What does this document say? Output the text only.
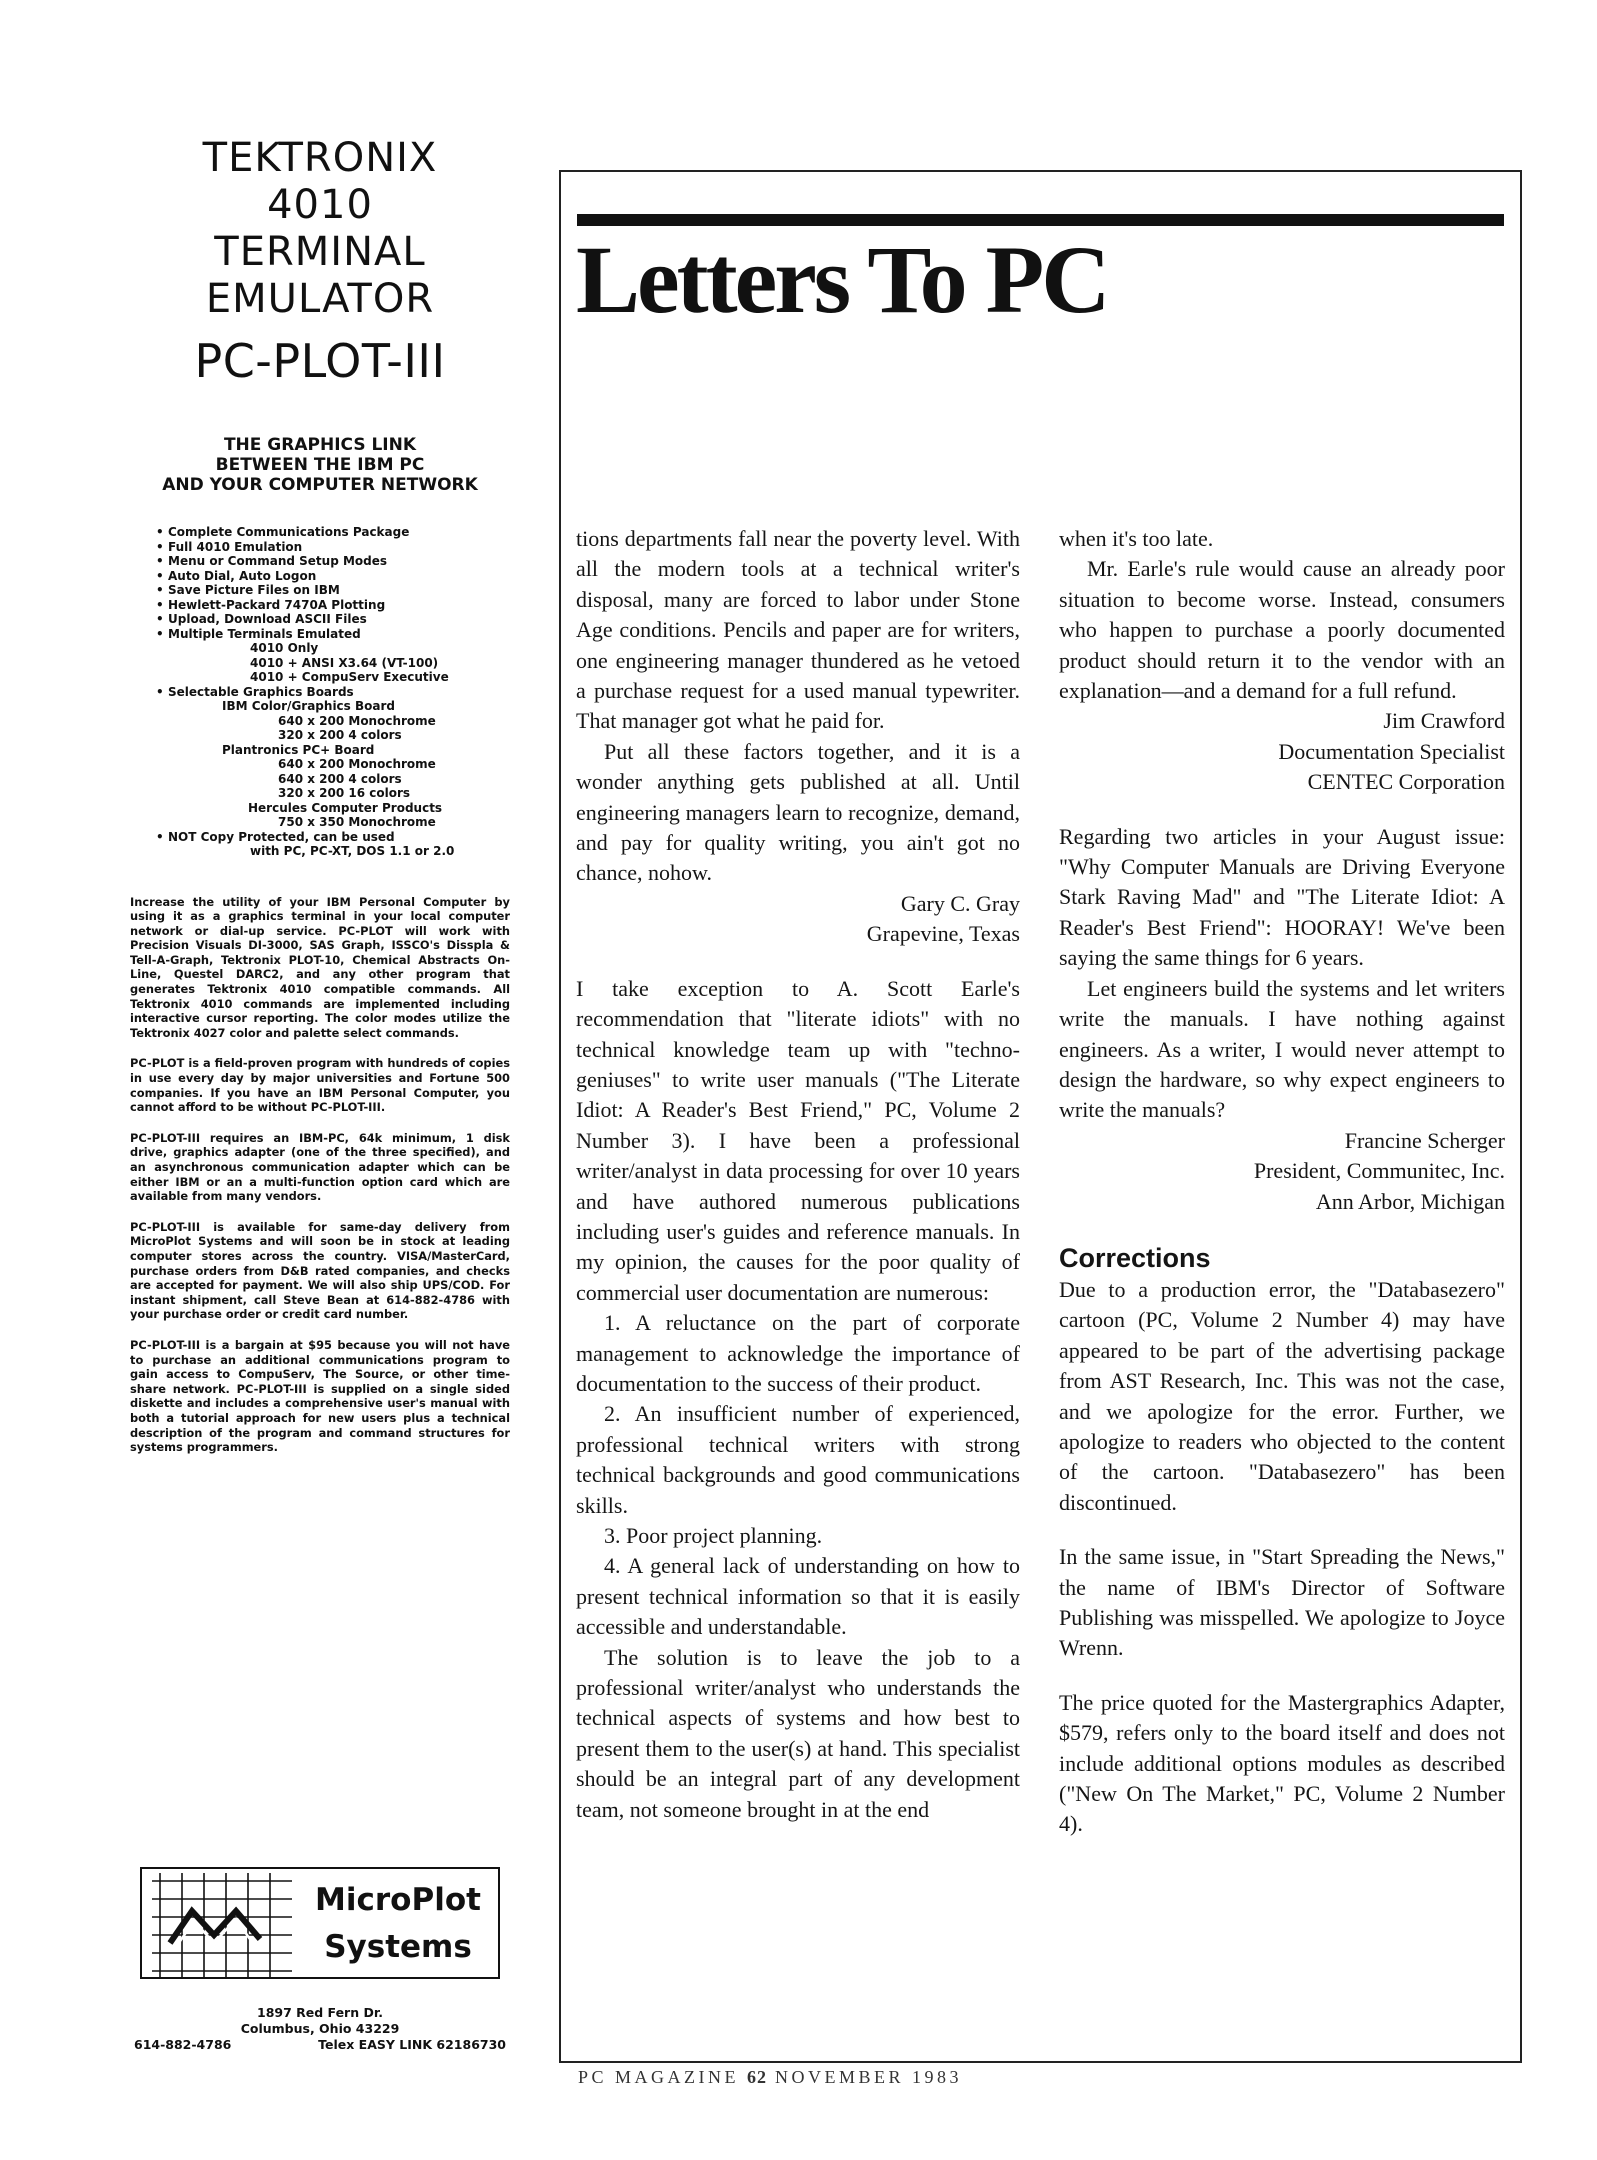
TEKTRONIX
4010
TERMINAL
EMULATOR
PC-PLOT-III
THE GRAPHICS LINK
BETWEEN THE IBM PC
AND YOUR COMPUTER NETWORK
• Complete Communications Package
• Full 4010 Emulation
• Menu or Command Setup Modes
• Auto Dial, Auto Logon
• Save Picture Files on IBM
• Hewlett-Packard 7470A Plotting
• Upload, Download ASCII Files
• Multiple Terminals Emulated
4010 Only
4010 + ANSI X3.64 (VT-100)
4010 + CompuServ Executive
• Selectable Graphics Boards
IBM Color/Graphics Board
640 x 200 Monochrome
320 x 200 4 colors
Plantronics PC+ Board
640 x 200 Monochrome
640 x 200 4 colors
320 x 200 16 colors
Hercules Computer Products
750 x 350 Monochrome
• NOT Copy Protected, can be used
with PC, PC-XT, DOS 1.1 or 2.0

Increase the utility of your IBM Personal Computer by using it as a graphics terminal in your local computer network or dial-up service. PC-PLOT will work with Precision Visuals DI-3000, SAS Graph, ISSCO's Disspla & Tell-A-Graph, Tektronix PLOT-10, Chemical Abstracts On-Line, Questel DARC2, and any other program that generates Tektronix 4010 compatible commands. All Tektronix 4010 commands are implemented including interactive cursor reporting. The color modes utilize the Tektronix 4027 color and palette select commands.

PC-PLOT is a field-proven program with hundreds of copies in use every day by major universities and Fortune 500 companies. If you have an IBM Personal Computer, you cannot afford to be without PC-PLOT-III.

PC-PLOT-III requires an IBM-PC, 64k minimum, 1 disk drive, graphics adapter (one of the three specified), and an asynchronous communication adapter which can be either IBM or an a multi-function option card which are available from many vendors.

PC-PLOT-III is available for same-day delivery from MicroPlot Systems and will soon be in stock at leading computer stores across the country. VISA/MasterCard, purchase orders from D&B rated companies, and checks are accepted for payment. We will also ship UPS/COD. For instant shipment, call Steve Bean at 614-882-4786 with your purchase order or credit card number.

PC-PLOT-III is a bargain at $95 because you will not have to purchase an additional communications program to gain access to CompuServ, The Source, or other time-share network. PC-PLOT-III is supplied on a single sided diskette and includes a comprehensive user's manual with both a tutorial approach for new users plus a technical description of the program and command structures for systems programmers.

MicroPlot
Systems
1897 Red Fern Dr.
Columbus, Ohio 43229
614-882-4786	Telex EASY LINK 62186730
Letters To PC

tions departments fall near the poverty level. With all the modern tools at a technical writer's disposal, many are forced to labor under Stone Age conditions. Pencils and paper are for writers, one engineering manager thundered as he vetoed a purchase request for a used manual typewriter. That manager got what he paid for.

Put all these factors together, and it is a wonder anything gets published at all. Until engineering managers learn to recognize, demand, and pay for quality writing, you ain't got no chance, nohow.

Gary C. Gray
Grapevine, Texas

I take exception to A. Scott Earle's recommendation that "literate idiots" with no technical knowledge team up with "techno-geniuses" to write user manuals ("The Literate Idiot: A Reader's Best Friend," PC, Volume 2 Number 3). I have been a professional writer/analyst in data processing for over 10 years and have authored numerous publications including user's guides and reference manuals. In my opinion, the causes for the poor quality of commercial user documentation are numerous:

1. A reluctance on the part of corporate management to acknowledge the importance of documentation to the success of their product.

2. An insufficient number of experienced, professional technical writers with strong technical backgrounds and good communications skills.

3. Poor project planning.

4. A general lack of understanding on how to present technical information so that it is easily accessible and understandable.

The solution is to leave the job to a professional writer/analyst who understands the technical aspects of systems and how best to present them to the user(s) at hand. This specialist should be an integral part of any development team, not someone brought in at the end

when it's too late.

Mr. Earle's rule would cause an already poor situation to become worse. Instead, consumers who happen to purchase a poorly documented product should return it to the vendor with an explanation—and a demand for a full refund.

Jim Crawford
Documentation Specialist
CENTEC Corporation

Regarding two articles in your August issue: "Why Computer Manuals are Driving Everyone Stark Raving Mad" and "The Literate Idiot: A Reader's Best Friend": HOORAY! We've been saying the same things for 6 years.

Let engineers build the systems and let writers write the manuals. I have nothing against engineers. As a writer, I would never attempt to design the hardware, so why expect engineers to write the manuals?

Francine Scherger
President, Communitec, Inc.
Ann Arbor, Michigan
Corrections

Due to a production error, the "Databasezero" cartoon (PC, Volume 2 Number 4) may have appeared to be part of the advertising package from AST Research, Inc. This was not the case, and we apologize for the error. Further, we apologize to readers who objected to the content of the cartoon. "Databasezero" has been discontinued.

In the same issue, in "Start Spreading the News," the name of IBM's Director of Software Publishing was misspelled. We apologize to Joyce Wrenn.

The price quoted for the Mastergraphics Adapter, $579, refers only to the board itself and does not include additional options modules as described ("New On The Market," PC, Volume 2 Number 4).

PC MAGAZINE 62 NOVEMBER 1983
